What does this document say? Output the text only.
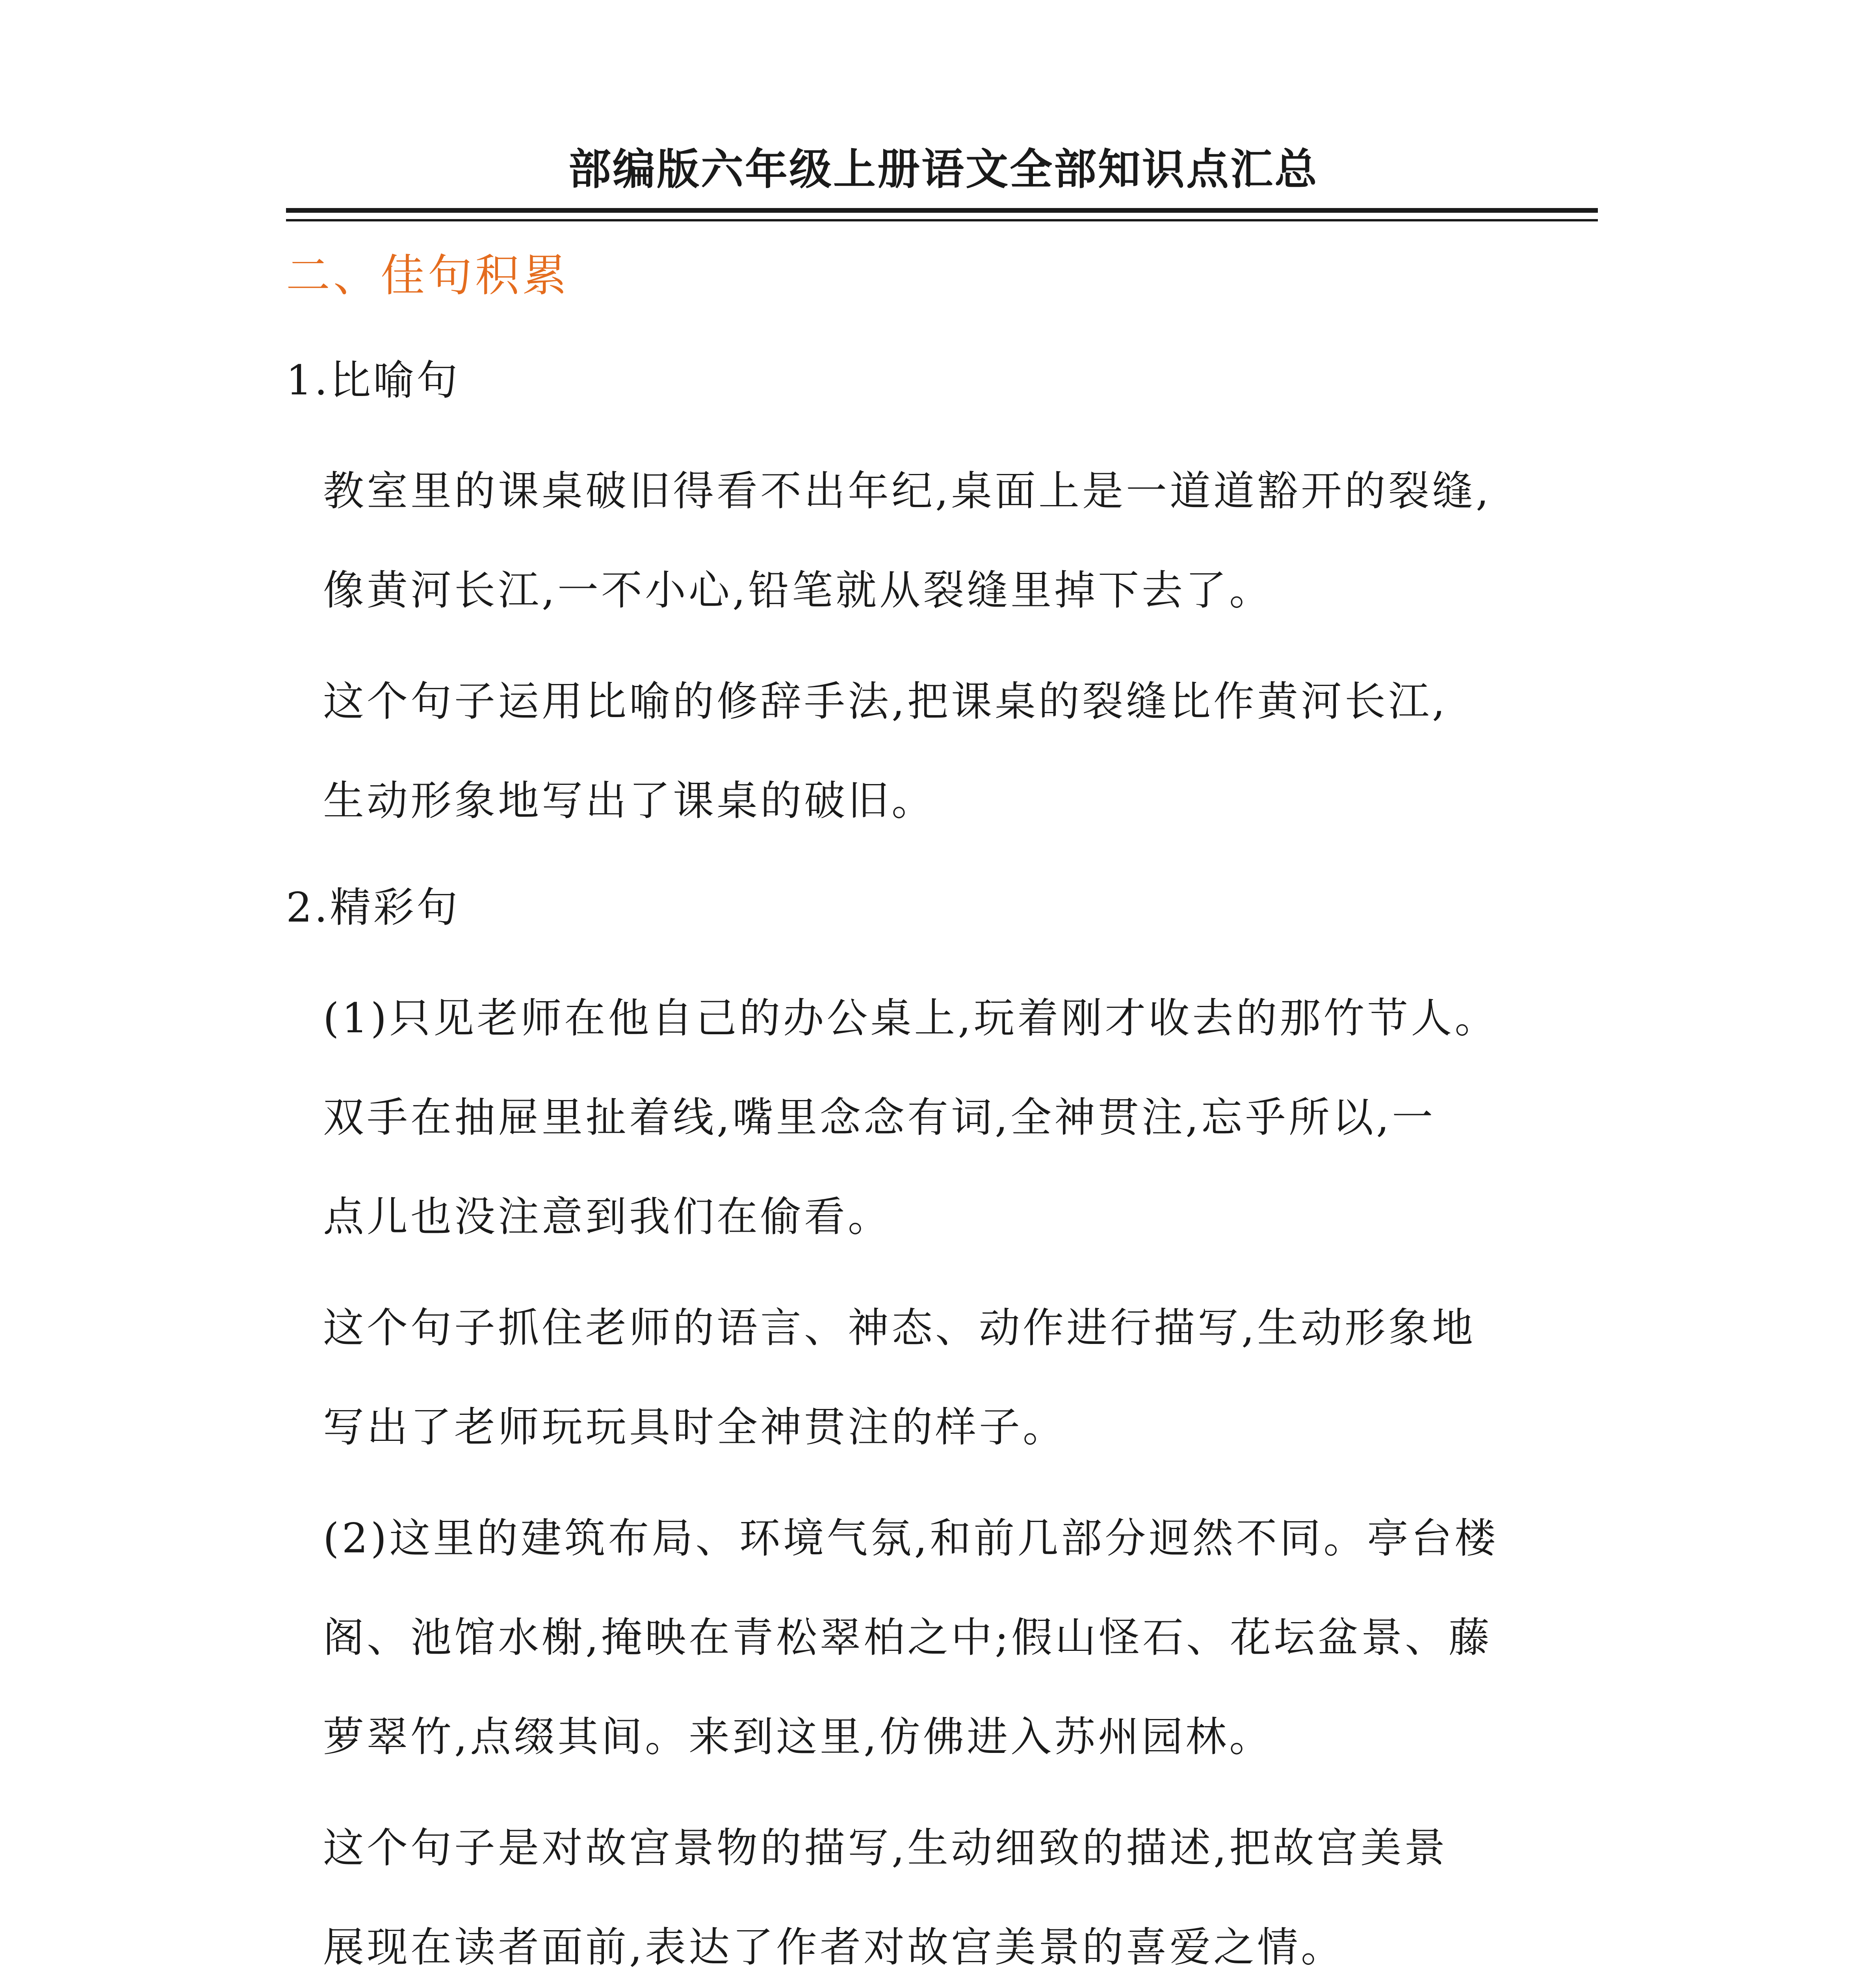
部编版六年级上册语文全部知识点汇总
二、佳句积累
1.比喻句
教室里的课桌破旧得看不出年纪,桌面上是一道道豁开的裂缝,
像黄河长江,一不小心,铅笔就从裂缝里掉下去了。
这个句子运用比喻的修辞手法,把课桌的裂缝比作黄河长江,
生动形象地写出了课桌的破旧。
2.精彩句
(1)只见老师在他自己的办公桌上,玩着刚才收去的那竹节人。
双手在抽屉里扯着线,嘴里念念有词,全神贯注,忘乎所以,一
点儿也没注意到我们在偷看。
这个句子抓住老师的语言、神态、动作进行描写,生动形象地
写出了老师玩玩具时全神贯注的样子。
(2)这里的建筑布局、环境气氛,和前几部分迥然不同。亭台楼
阁、池馆水榭,掩映在青松翠柏之中;假山怪石、花坛盆景、藤
萝翠竹,点缀其间。来到这里,仿佛进入苏州园林。
这个句子是对故宫景物的描写,生动细致的描述,把故宫美景
展现在读者面前,表达了作者对故宫美景的喜爱之情。
